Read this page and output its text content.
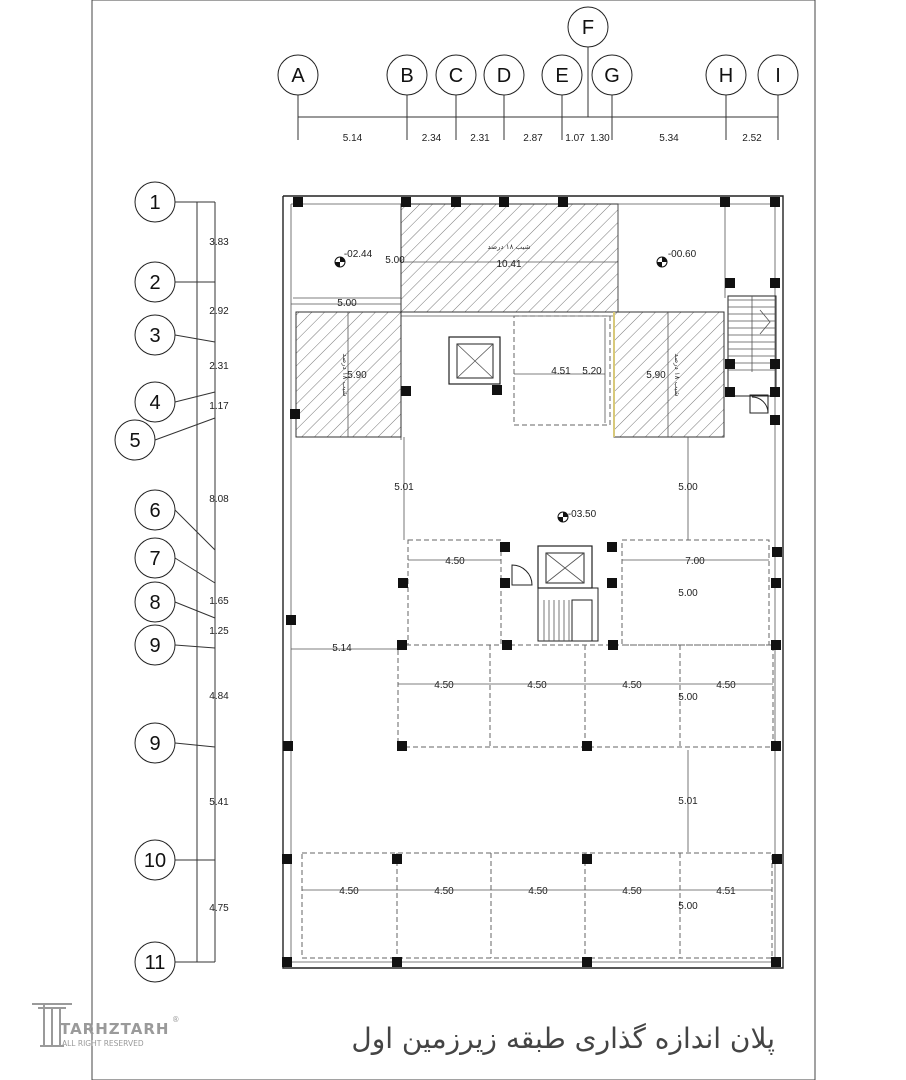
A	B C D E
F
G	H I
5.14	2.34	2.31	2.87 1.07 1.30	5.34	2.52
1
2
3
4
5
6
7
8
9
9
10
11
3.83
2.92
2.31
1.17
8.08
1.65
1.25
4.84
5.41
4.75
شیب ۱۸ درصد
10.41
5.00
5.00
-02.44	-00.60
-03.50
شیب ۱۸ درصد
5.90
شیب ۱۸ درصد
5.90
4.51 5.20
5.01	5.00
4.50	7.00
5.00
5.14
4.50	4.50	4.50	4.50
5.00
5.01
4.50	4.50	4.50	4.50	4.51
5.00
TARHZTARH
ALL RIGHT RESERVED
®
پلان اندازه گذاری طبقه زیرزمین اول
